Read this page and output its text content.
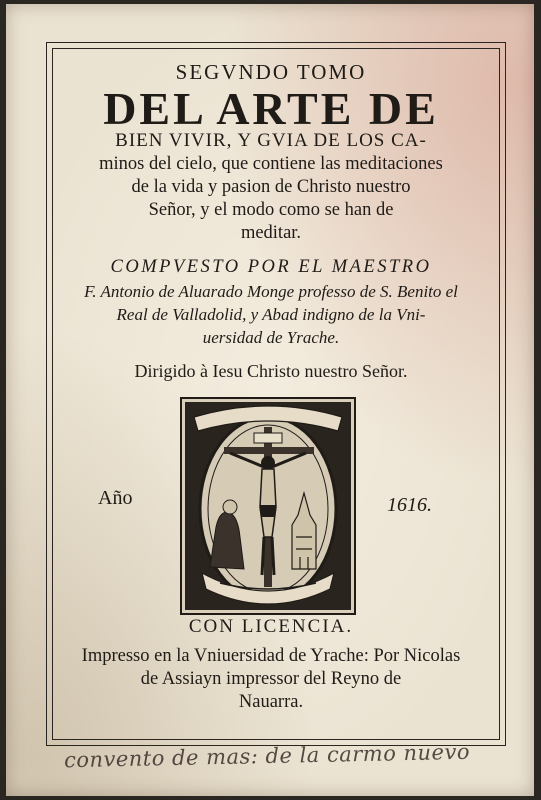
SEGVNDO TOMO
DEL ARTE DE
BIEN VIVIR, Y GVIA DE LOS CA-
minos del cielo, que contiene las meditaciones
de la vida y pasion de Christo nuestro
Señor, y el modo como se han de
meditar.
COMPVESTO POR EL MAESTRO
F. Antonio de Aluarado Monge professo de S. Benito el
Real de Valladolid, y Abad indigno de la Vni-
uersidad de Yrache.
Dirigido à Iesu Christo nuestro Señor.
Año	1616.
CON LICENCIA.
Impresso en la Vniuersidad de Yrache: Por Nicolas
de Assiayn impressor del Reyno de
Nauarra.
convento de mas: de la carmo nuevo
